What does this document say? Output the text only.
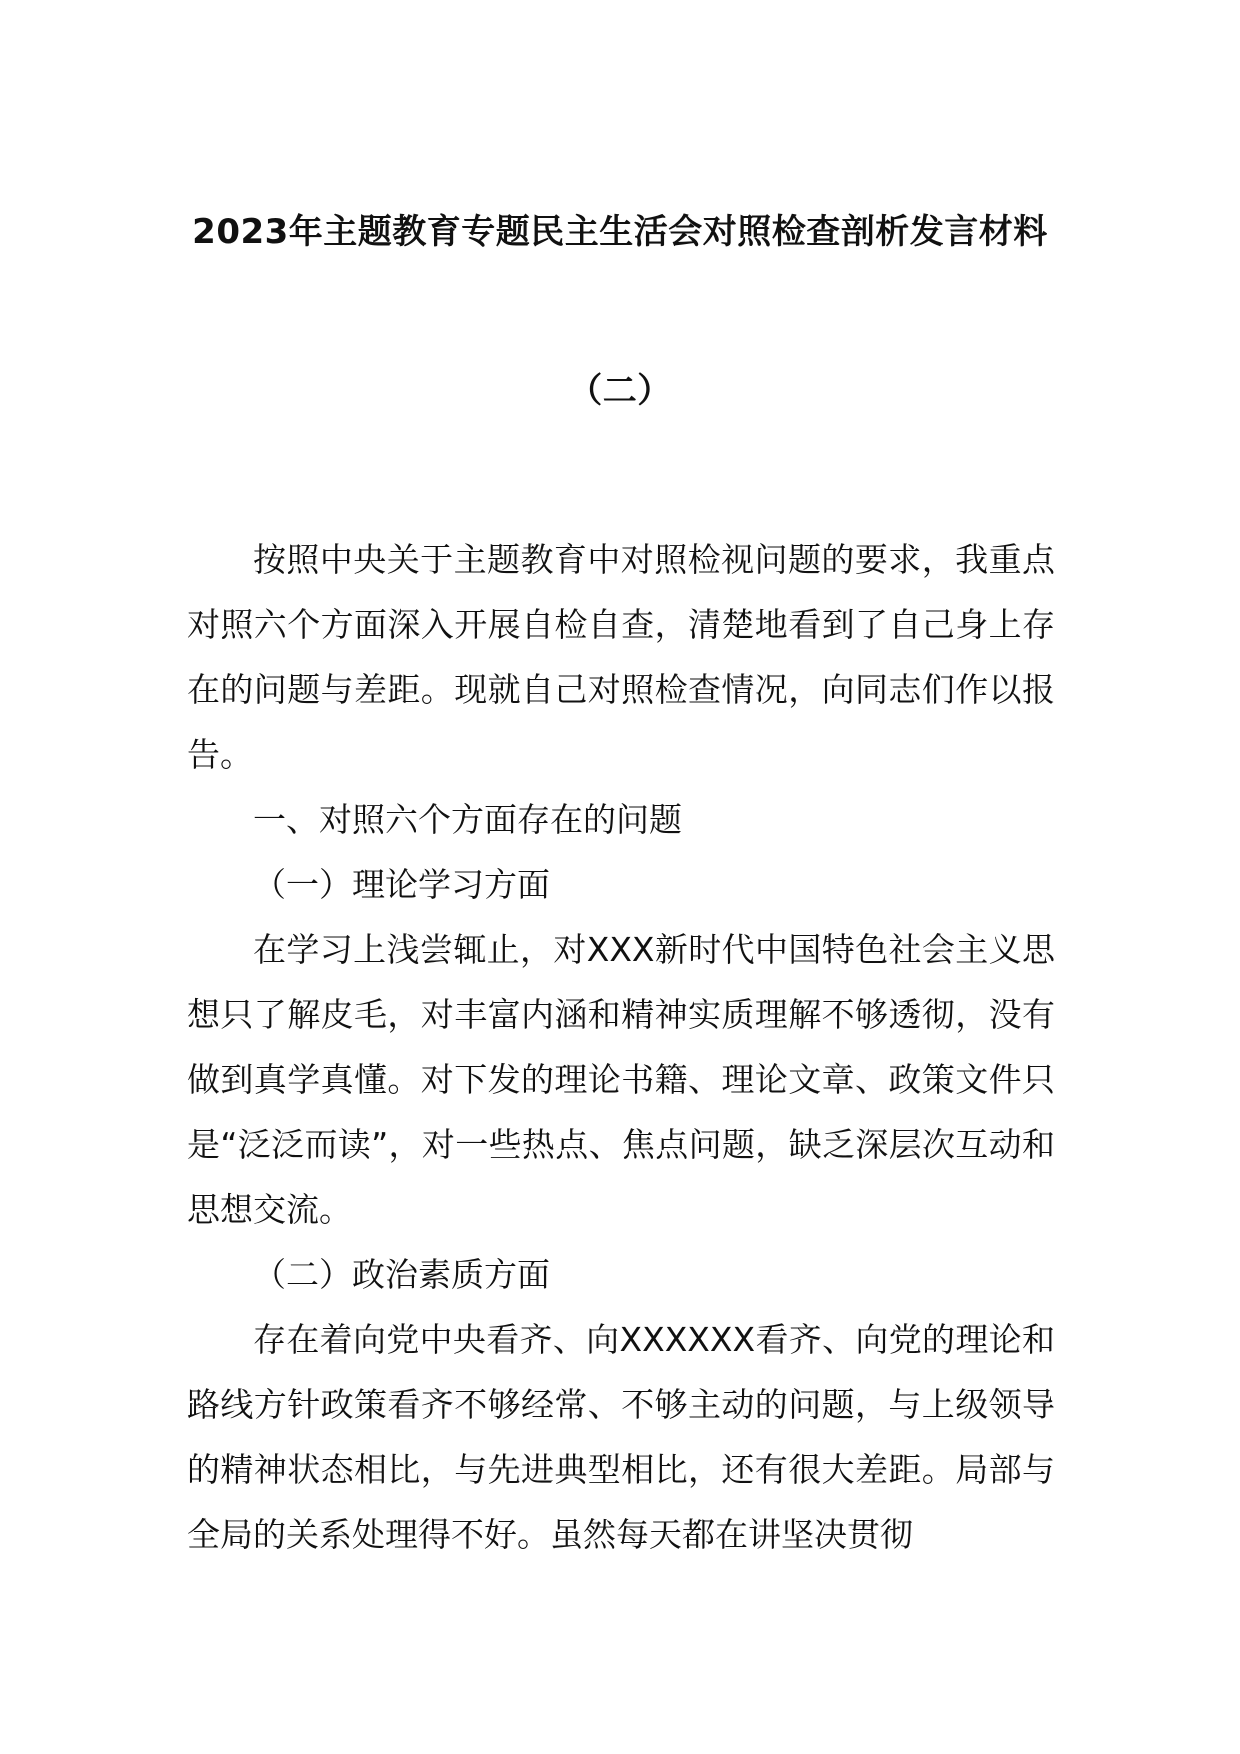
2023年主题教育专题民主生活会对照检查剖析发言材料
（二）

按照中央关于主题教育中对照检视问题的要求，我重点对照六个方面深入开展自检自查，清楚地看到了自己身上存在的问题与差距。现就自己对照检查情况，向同志们作以报告。

一、对照六个方面存在的问题

（一）理论学习方面

在学习上浅尝辄止，对XXX新时代中国特色社会主义思想只了解皮毛，对丰富内涵和精神实质理解不够透彻，没有做到真学真懂。对下发的理论书籍、理论文章、政策文件只是“泛泛而读”，对一些热点、焦点问题，缺乏深层次互动和思想交流。

（二）政治素质方面

存在着向党中央看齐、向XXXXXX看齐、向党的理论和路线方针政策看齐不够经常、不够主动的问题，与上级领导的精神状态相比，与先进典型相比，还有很大差距。局部与全局的关系处理得不好。虽然每天都在讲坚决贯彻
